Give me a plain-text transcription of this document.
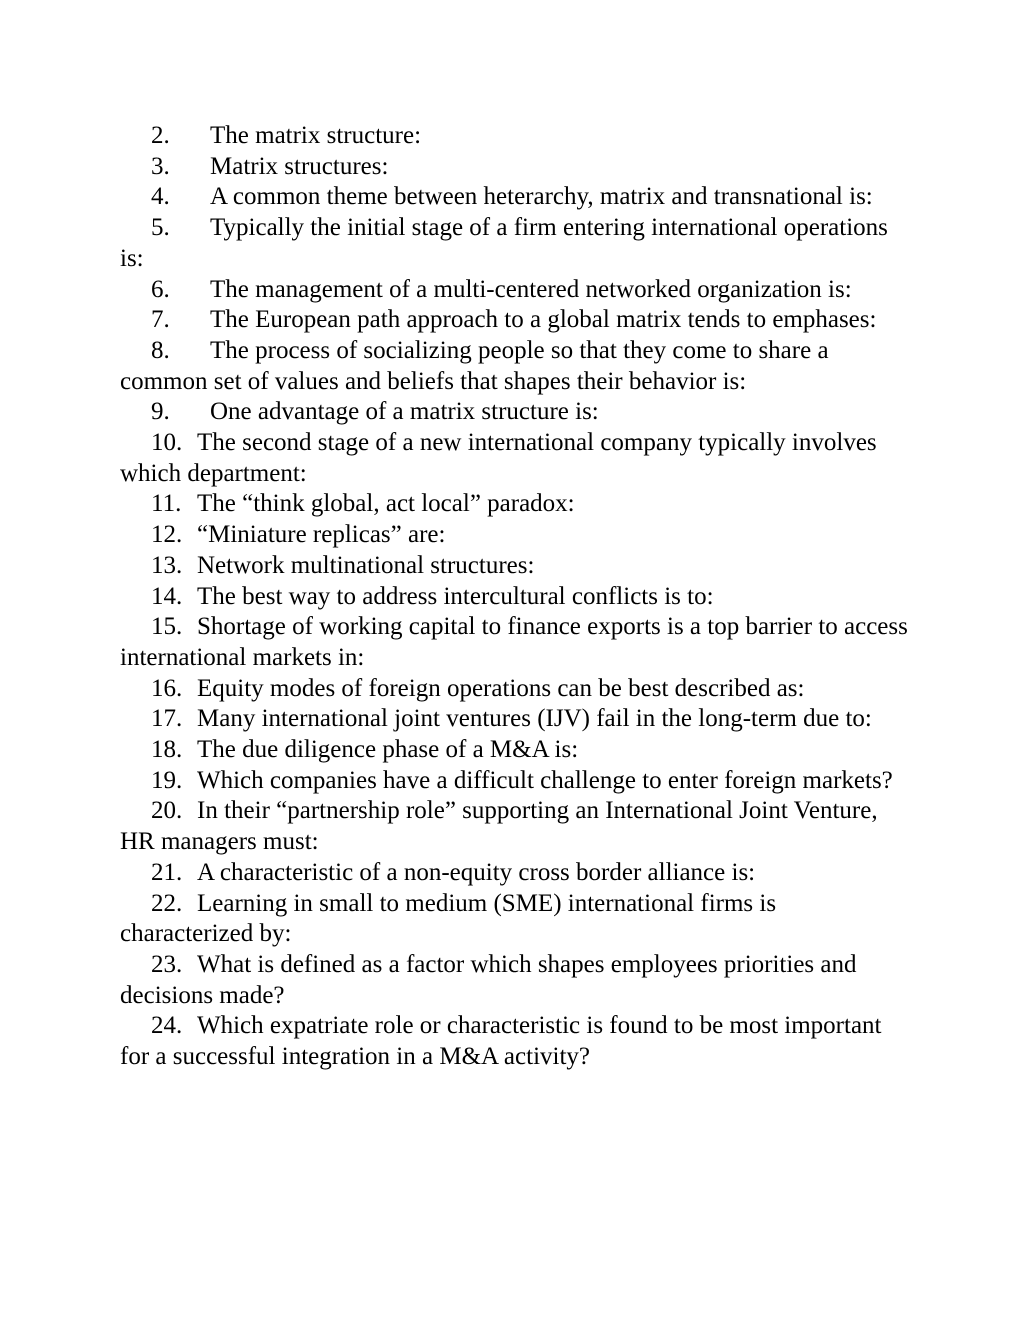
2. The matrix structure:
3. Matrix structures:
4. A common theme between heterarchy, matrix and transnational is:
5. Typically the initial stage of a firm entering international operations is:
6. The management of a multi-centered networked organization is:
7. The European path approach to a global matrix tends to emphases:
8. The process of socializing people so that they come to share a common set of values and beliefs that shapes their behavior is:
9. One advantage of a matrix structure is:
10. The second stage of a new international company typically involves which department:
11. The “think global, act local” paradox:
12. “Miniature replicas” are:
13. Network multinational structures:
14. The best way to address intercultural conflicts is to:
15. Shortage of working capital to finance exports is a top barrier to access international markets in:
16. Equity modes of foreign operations can be best described as:
17. Many international joint ventures (IJV) fail in the long-term due to:
18. The due diligence phase of a M&A is:
19. Which companies have a difficult challenge to enter foreign markets?
20. In their “partnership role” supporting an International Joint Venture, HR managers must:
21. A characteristic of a non-equity cross border alliance is:
22. Learning in small to medium (SME) international firms is characterized by:
23. What is defined as a factor which shapes employees priorities and decisions made?
24. Which expatriate role or characteristic is found to be most important for a successful integration in a M&A activity?
